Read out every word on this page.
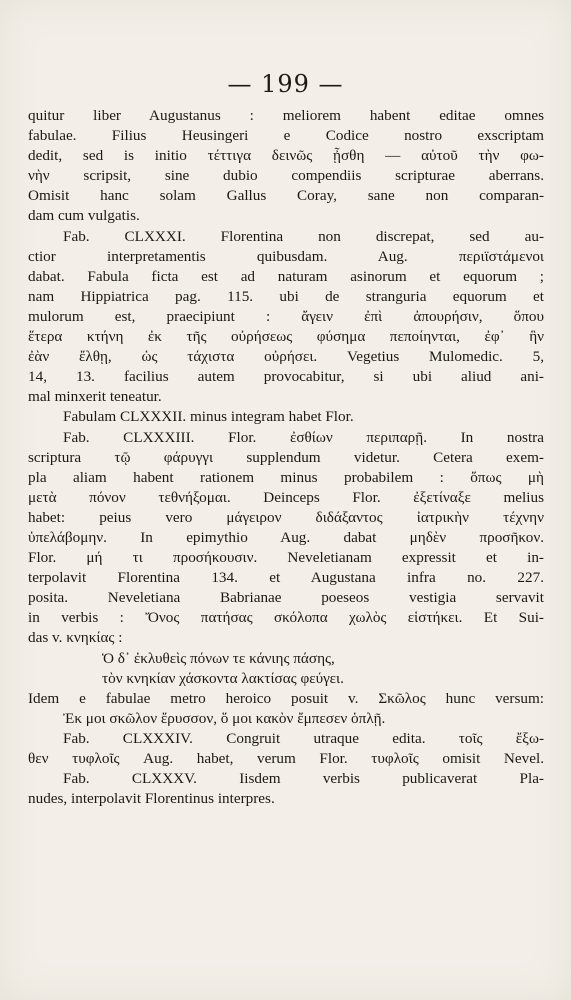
— 199 —
quitur liber Augustanus : meliorem habent editae omnes
fabulae. Filius Heusingeri e Codice nostro exscriptam
dedit, sed is initio τέττιγα δεινῶς ᾖσθη — αὐτοῦ τὴν φω-
νὴν scripsit, sine dubio compendiis scripturae aberrans.
Omisit hanc solam Gallus Coray, sane non comparan-
dam cum vulgatis.
Fab. CLXXXI. Florentina non discrepat, sed au-
ctior interpretamentis quibusdam. Aug. περιϊστάμενοι
dabat. Fabula ficta est ad naturam asinorum et equorum ;
nam Hippiatrica pag. 115. ubi de stranguria equorum et
mulorum est, praecipiunt : ἄγειν ἐπὶ ἀπουρήσιν, ὅπου
ἕτερα κτήνη ἐκ τῆς οὐρήσεως φύσημα πεποίηνται, ἐφ᾽ ἣν
ἐὰν ἔλθῃ, ὡς τάχιστα οὐρήσει. Vegetius Mulomedic. 5,
14, 13. facilius autem provocabitur, si ubi aliud ani-
mal minxerit teneatur.
Fabulam CLXXXII. minus integram habet Flor.
Fab. CLXXXIII. Flor. ἐσθίων περιπαρῇ. In nostra
scriptura τῷ φάρυγγι supplendum videtur. Cetera exem-
pla aliam habent rationem minus probabilem : ὅπως μὴ
μετὰ πόνον τεθνήξομαι. Deinceps Flor. ἐξετίναξε melius
habet: peius vero μάγειρον διδάξαντος ἰατρικὴν τέχνην
ὑπελάβομην. In epimythio Aug. dabat μηδὲν προσῆκον.
Flor. μή τι προσήκουσιν. Neveletianam expressit et in-
terpolavit Florentina 134. et Augustana infra no. 227.
posita. Neveletiana Babrianae poeseos vestigia servavit
in verbis : Ὄνος πατήσας σκόλοπα χωλὸς εἱστήκει. Et Sui-
das v. κνηκίας :
Ὁ δ᾽ ἐκλυθεὶς πόνων τε κάνιης πάσης,
τὸν κνηκίαν χάσκοντα λακτίσας φεύγει.
Idem e fabulae metro heroico posuit v. Σκῶλος hunc versum:
Ἐκ μοι σκῶλον ἔρυσσον, ὅ μοι κακὸν ἔμπεσεν ὁπλῇ.
Fab. CLXXXIV. Congruit utraque edita. τοῖς ἔξω-
θεν τυφλοῖς Aug. habet, verum Flor. τυφλοῖς omisit Nevel.
Fab. CLXXXV. Iisdem verbis publicaverat Pla-
nudes, interpolavit Florentinus interpres.
